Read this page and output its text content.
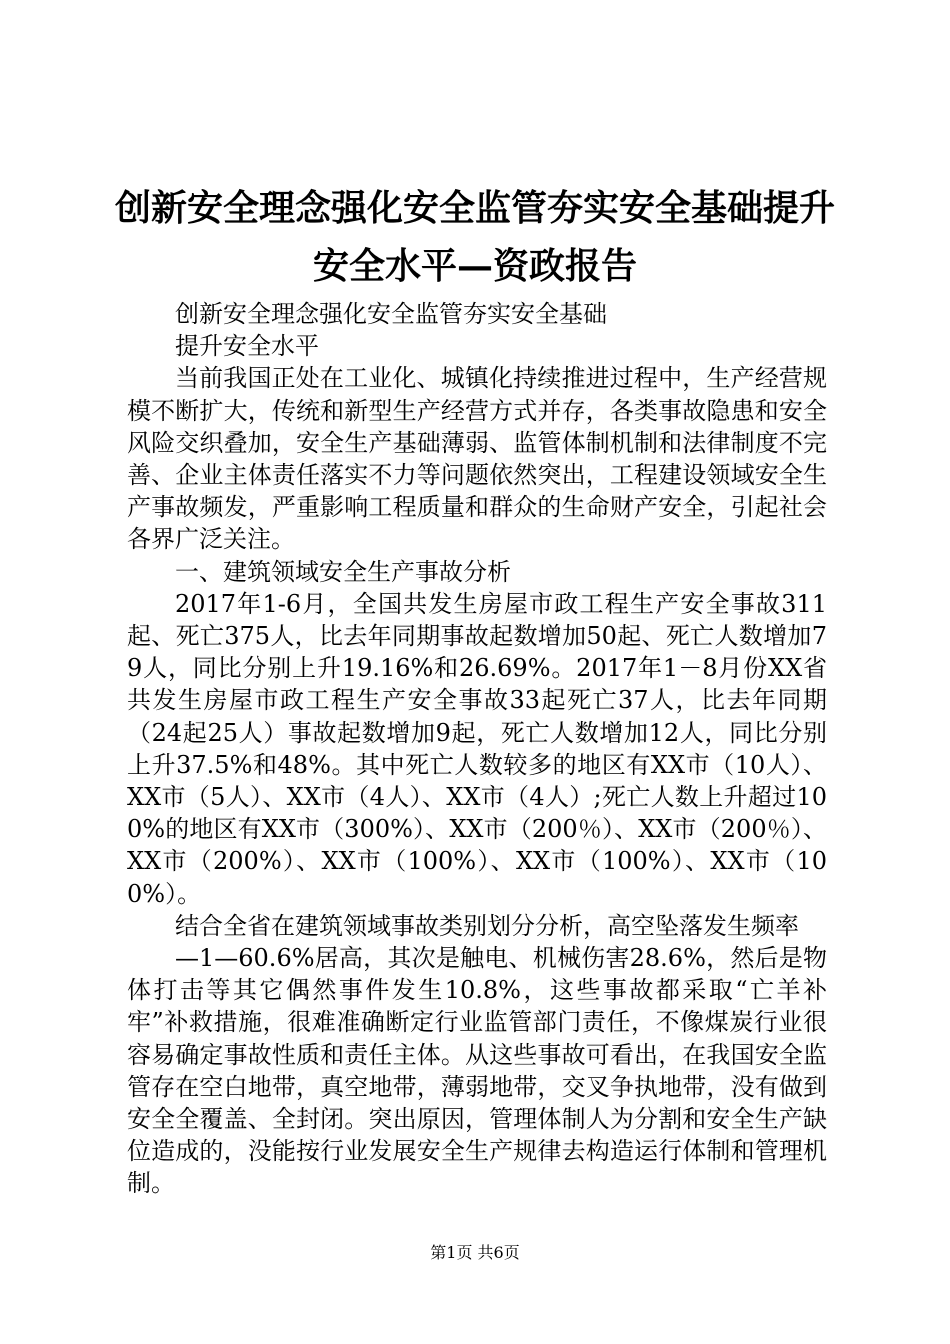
创新安全理念强化安全监管夯实安全基础提升
安全水平—资政报告

创新安全理念强化安全监管夯实安全基础

提升安全水平

当前我国正处在工业化、城镇化持续推进过程中，生产经营规模不断扩大，传统和新型生产经营方式并存，各类事故隐患和安全风险交织叠加，安全生产基础薄弱、监管体制机制和法律制度不完善、企业主体责任落实不力等问题依然突出，工程建设领域安全生产事故频发，严重影响工程质量和群众的生命财产安全，引起社会各界广泛关注。

一、建筑领域安全生产事故分析

2017年1-6月，全国共发生房屋市政工程生产安全事故311起、死亡375人，比去年同期事故起数增加50起、死亡人数增加79人，同比分别上升19.16%和26.69%。2017年1－8月份XX省共发生房屋市政工程生产安全事故33起死亡37人，比去年同期（24起25人）事故起数增加9起，死亡人数增加12人，同比分别上升37.5%和48%。其中死亡人数较多的地区有XX市（10人）、XX市（5人）、XX市（4人）、XX市（4人）;死亡人数上升超过100%的地区有XX市（300%）、XX市（200％）、XX市（200％）、XX市（200%）、XX市（100%）、XX市（100%）、XX市（100%）。

结合全省在建筑领域事故类别划分分析，高空坠落发生频率

—1—60.6%居高，其次是触电、机械伤害28.6%，然后是物体打击等其它偶然事件发生10.8%，这些事故都采取“亡羊补牢”补救措施，很难准确断定行业监管部门责任，不像煤炭行业很容易确定事故性质和责任主体。从这些事故可看出，在我国安全监管存在空白地带，真空地带，薄弱地带，交叉争执地带，没有做到安全全覆盖、全封闭。突出原因，管理体制人为分割和安全生产缺位造成的，没能按行业发展安全生产规律去构造运行体制和管理机制。

第1页 共6页
